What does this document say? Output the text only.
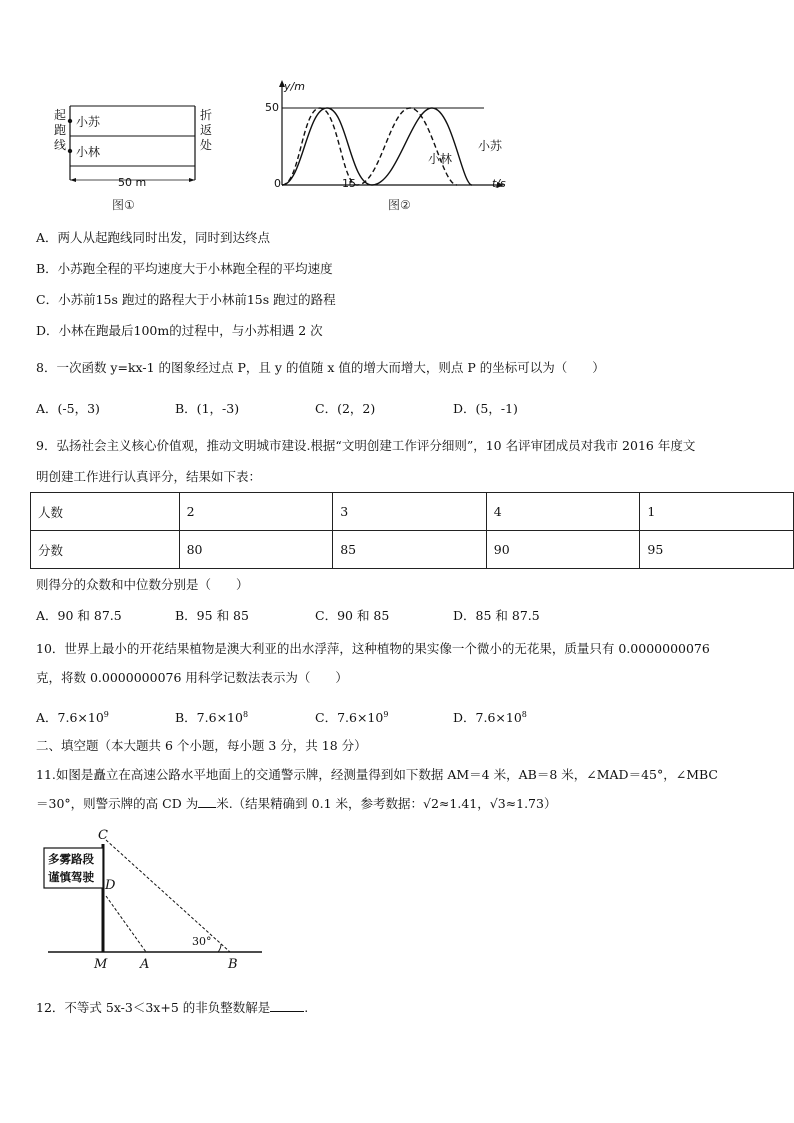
起跑线
折返处
小苏
小林
50 m
图①
y/m
50
0	15	t/s
小苏
小林
图②
A．两人从起跑线同时出发，同时到达终点
B．小苏跑全程的平均速度大于小林跑全程的平均速度
C．小苏前15s 跑过的路程大于小林前15s 跑过的路程
D．小林在跑最后100m的过程中，与小苏相遇 2 次
8．一次函数 y=kx-1 的图象经过点 P，且 y 的值随 x 值的增大而增大，则点 P 的坐标可以为（　　）
A．(-5，3)	B．(1，-3)	C．(2，2)	D．(5，-1)
9．弘扬社会主义核心价值观，推动文明城市建设.根据“文明创建工作评分细则”，10 名评审团成员对我市 2016 年度文
明创建工作进行认真评分，结果如下表：
人数	2	3	4	1
分数	80	85	90	95
则得分的众数和中位数分别是（　　）
A．90 和 87.5	B．95 和 85	C．90 和 85	D．85 和 87.5
10．世界上最小的开花结果植物是澳大利亚的出水浮萍，这种植物的果实像一个微小的无花果，质量只有 0.0000000076
克，将数 0.0000000076 用科学记数法表示为（　　）
A．$7.6\times 10^9$	B．$7.6\times 10^8$	C．$7.6\times 10^9$	D．$7.6\times 10^8$
二、填空题（本大题共 6 个小题，每小题 3 分，共 18 分）
11.如图是矗立在高速公路水平地面上的交通警示牌，经测量得到如下数据 AM＝4 米，AB＝8 米，∠MAD＝45°，∠MBC
＝30°，则警示牌的高 CD 为 米.（结果精确到 0.1 米，参考数据：√2≈1.41，√3≈1.73）
多雾路段
谨慎驾驶
C
D
M	A	B
30°
12．不等式 5x-3＜3x+5 的非负整数解是	.
